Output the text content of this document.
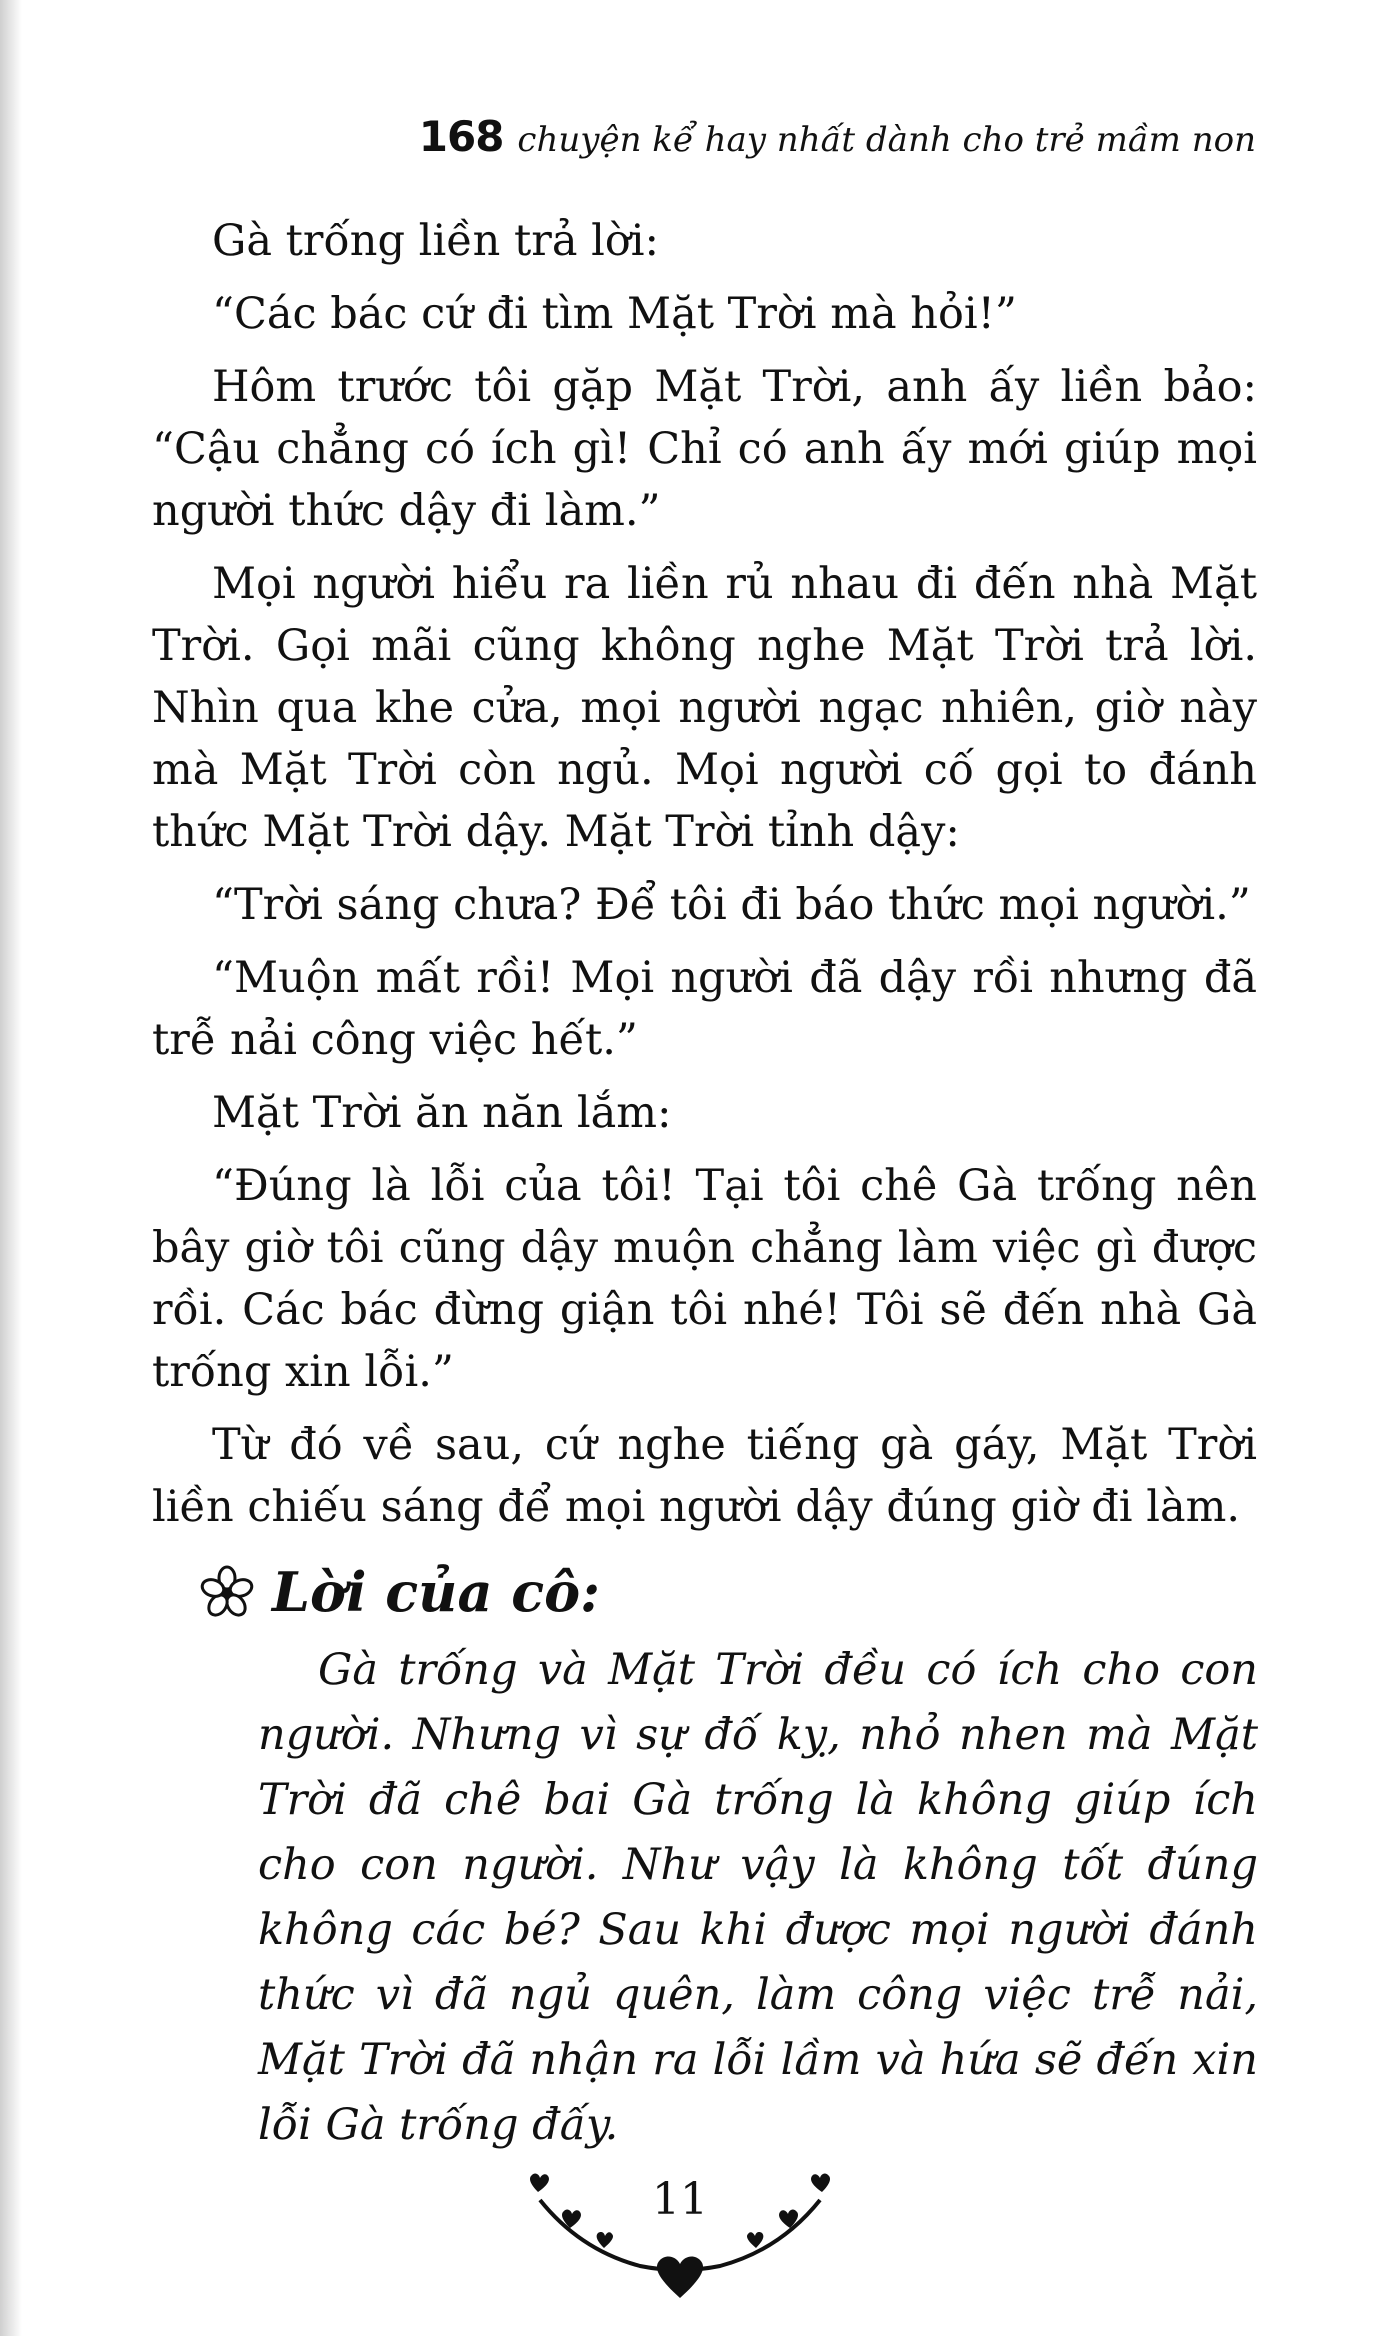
168 chuyện kể hay nhất dành cho trẻ mầm non

Gà trống liền trả lời:

“Các bác cứ đi tìm Mặt Trời mà hỏi!”

Hôm trước tôi gặp Mặt Trời, anh ấy liền bảo: “Cậu chẳng có ích gì! Chỉ có anh ấy mới giúp mọi người thức dậy đi làm.”

Mọi người hiểu ra liền rủ nhau đi đến nhà Mặt Trời. Gọi mãi cũng không nghe Mặt Trời trả lời. Nhìn qua khe cửa, mọi người ngạc nhiên, giờ này mà Mặt Trời còn ngủ. Mọi người cố gọi to đánh thức Mặt Trời dậy. Mặt Trời tỉnh dậy:

“Trời sáng chưa? Để tôi đi báo thức mọi người.”

“Muộn mất rồi! Mọi người đã dậy rồi nhưng đã trễ nải công việc hết.”

Mặt Trời ăn năn lắm:

“Đúng là lỗi của tôi! Tại tôi chê Gà trống nên bây giờ tôi cũng dậy muộn chẳng làm việc gì được rồi. Các bác đừng giận tôi nhé! Tôi sẽ đến nhà Gà trống xin lỗi.”

Từ đó về sau, cứ nghe tiếng gà gáy, Mặt Trời liền chiếu sáng để mọi người dậy đúng giờ đi làm.

Lời của cô:

Gà trống và Mặt Trời đều có ích cho con người. Nhưng vì sự đố kỵ, nhỏ nhen mà Mặt Trời đã chê bai Gà trống là không giúp ích cho con người. Như vậy là không tốt đúng không các bé? Sau khi được mọi người đánh thức vì đã ngủ quên, làm công việc trễ nải, Mặt Trời đã nhận ra lỗi lầm và hứa sẽ đến xin lỗi Gà trống đấy.

11
